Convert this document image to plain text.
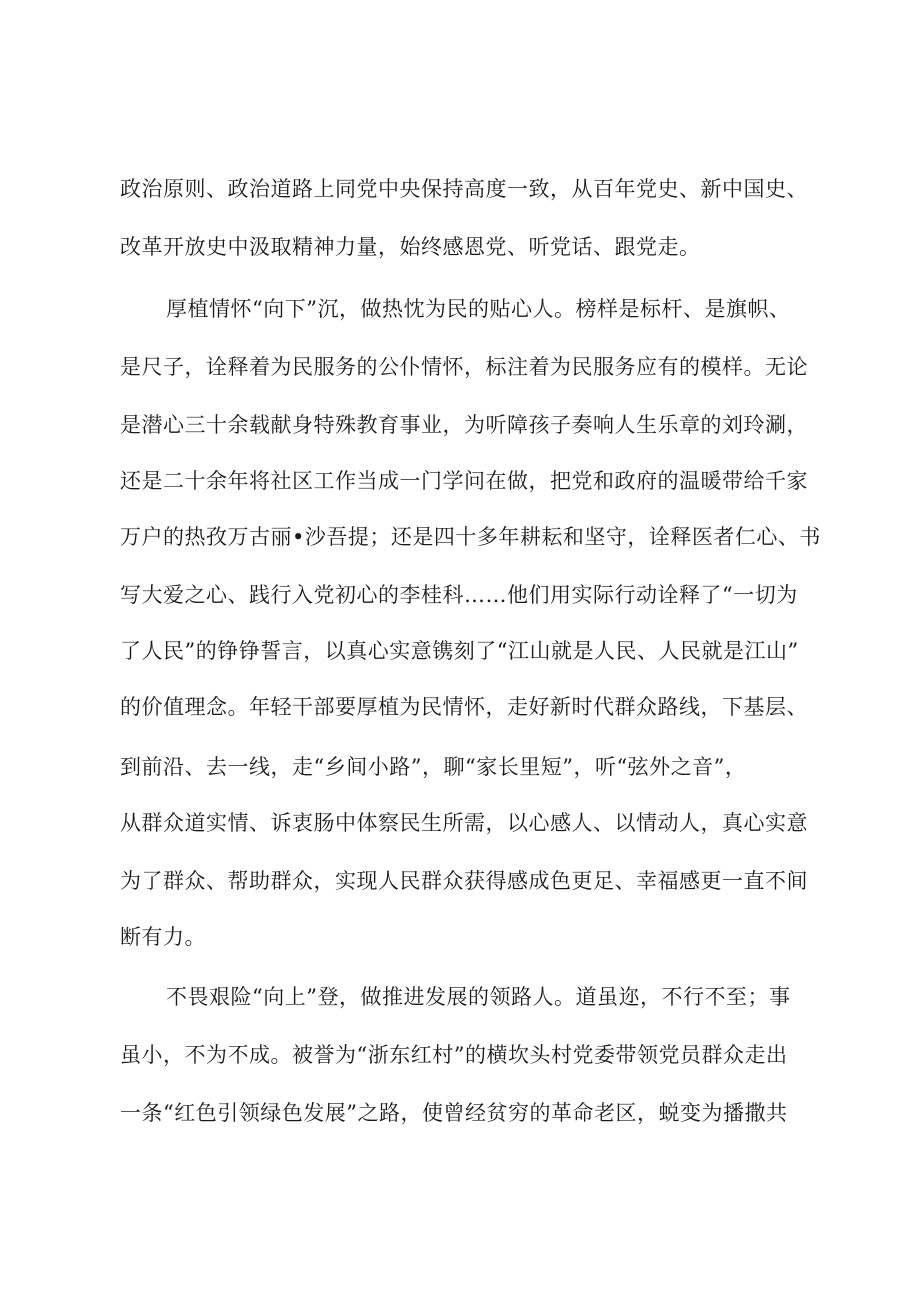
政治原则、政治道路上同党中央保持高度一致，从百年党史、新中国史、
改革开放史中汲取精神力量，始终感恩党、听党话、跟党走。
厚植情怀“向下”沉，做热忱为民的贴心人。榜样是标杆、是旗帜、
是尺子，诠释着为民服务的公仆情怀，标注着为民服务应有的模样。无论
是潜心三十余载献身特殊教育事业，为听障孩子奏响人生乐章的刘玲涮，
还是二十余年将社区工作当成一门学问在做，把党和政府的温暖带给千家
万户的热孜万古丽•沙吾提；还是四十多年耕耘和坚守，诠释医者仁心、书
写大爱之心、践行入党初心的李桂科……他们用实际行动诠释了“一切为
了人民”的铮铮誓言，以真心实意镌刻了“江山就是人民、人民就是江山”
的价值理念。年轻干部要厚植为民情怀，走好新时代群众路线，下基层、
到前沿、去一线，走“乡间小路”，聊“家长里短”，听“弦外之音”，
从群众道实情、诉衷肠中体察民生所需，以心感人、以情动人，真心实意
为了群众、帮助群众，实现人民群众获得感成色更足、幸福感更一直不间
断有力。
不畏艰险“向上”登，做推进发展的领路人。道虽迩，不行不至；事
虽小，不为不成。被誉为“浙东红村”的横坎头村党委带领党员群众走出
一条“红色引领绿色发展”之路，使曾经贫穷的革命老区，蜕变为播撒共
